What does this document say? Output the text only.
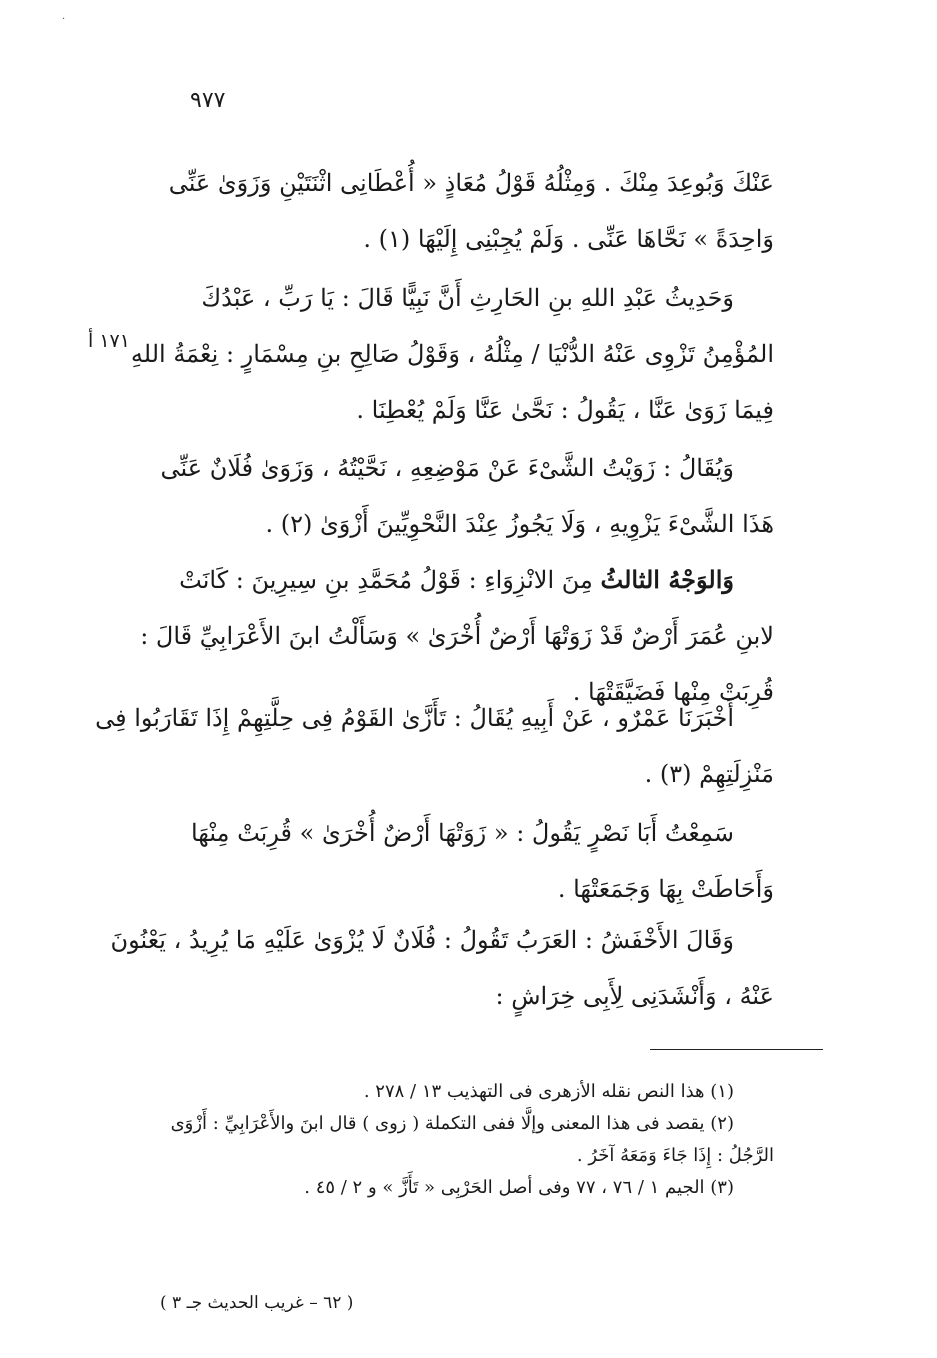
·
٩٧٧
١٧١ أ
عَنْكَ وَبُوعِدَ مِنْكَ . وَمِثْلُهُ قَوْلُ مُعَاذٍ « أُعْطَانِى اثْنَتَيْنِ وَزَوَىٰ عَنِّى
وَاحِدَةً » نَحَّاهَا عَنِّى . وَلَمْ يُجِبْنِى إِلَيْهَا (١) .
وَحَدِيثُ عَبْدِ اللهِ بنِ الحَارِثِ أَنَّ نَبِيًّا قَالَ : يَا رَبِّ ، عَبْدُكَ
المُؤْمِنُ تَزْوِى عَنْهُ الدُّنْيَا / مِثْلُهُ ، وَقَوْلُ صَالِحِ بنِ مِسْمَارٍ : نِعْمَةُ اللهِ
فِيمَا زَوَىٰ عَنَّا ، يَقُولُ : نَحَّىٰ عَنَّا وَلَمْ يُعْطِنَا .
وَيُقَالُ : زَوَيْتُ الشَّىْءَ عَنْ مَوْضِعِهِ ، نَحَّيْتُهُ ، وَزَوَىٰ فُلَانٌ عَنِّى
هَذَا الشَّىْءَ يَزْوِيهِ ، وَلَا يَجُوزُ عِنْدَ النَّحْوِيِّينَ أَزْوَىٰ (٢) .
وَالوَجْهُ الثالثُ مِنَ الانْزِوَاءِ : قَوْلُ مُحَمَّدِ بنِ سِيرِينَ : كَانَتْ
لابنِ عُمَرَ أَرْضٌ قَدْ زَوَتْهَا أَرْضٌ أُخْرَىٰ » وَسَأَلْتُ ابنَ الأَعْرَابِيِّ قَالَ :
قُرِبَتْ مِنْها فَضَيَّقَتْهَا .
أَخْبَرَنَا عَمْرٌو ، عَنْ أَبِيهِ يُقَالُ : تَأَزَّىٰ القَوْمُ فِى حِلَّتِهِمْ إِذَا تَقَارَبُوا فِى
مَنْزِلَتِهِمْ (٣) .
سَمِعْتُ أَبَا نَصْرٍ يَقُولُ : « زَوَتْهَا أَرْضٌ أُخْرَىٰ » قُرِبَتْ مِنْهَا
وَأَحَاطَتْ بِهَا وَجَمَعَتْهَا .
وَقَالَ الأَخْفَشُ : العَرَبُ تَقُولُ : فُلَانٌ لَا يُزْوَىٰ عَلَيْهِ مَا يُرِيدُ ، يَعْنُونَ
عَنْهُ ، وَأَنْشَدَنِى لِأَبِى خِرَاشٍ :
(١) هذا النص نقله الأزهرى فى التهذيب ١٣ / ٢٧٨ .
(٢) يقصد فى هذا المعنى وإلَّا ففى التكملة ( زوى ) قال ابنَ والأَعْرَابِيِّ : أَزْوَى
الرَّجُلُ : إِذَا جَاءَ وَمَعَهُ آخَرُ .
(٣) الجيم ١ / ٧٦ ، ٧٧ وفى أصل الحَرْبِى « تَأَزَّ » و ٢ / ٤٥ .
( ٦٢ – غريب الحديث جـ ٣ )
